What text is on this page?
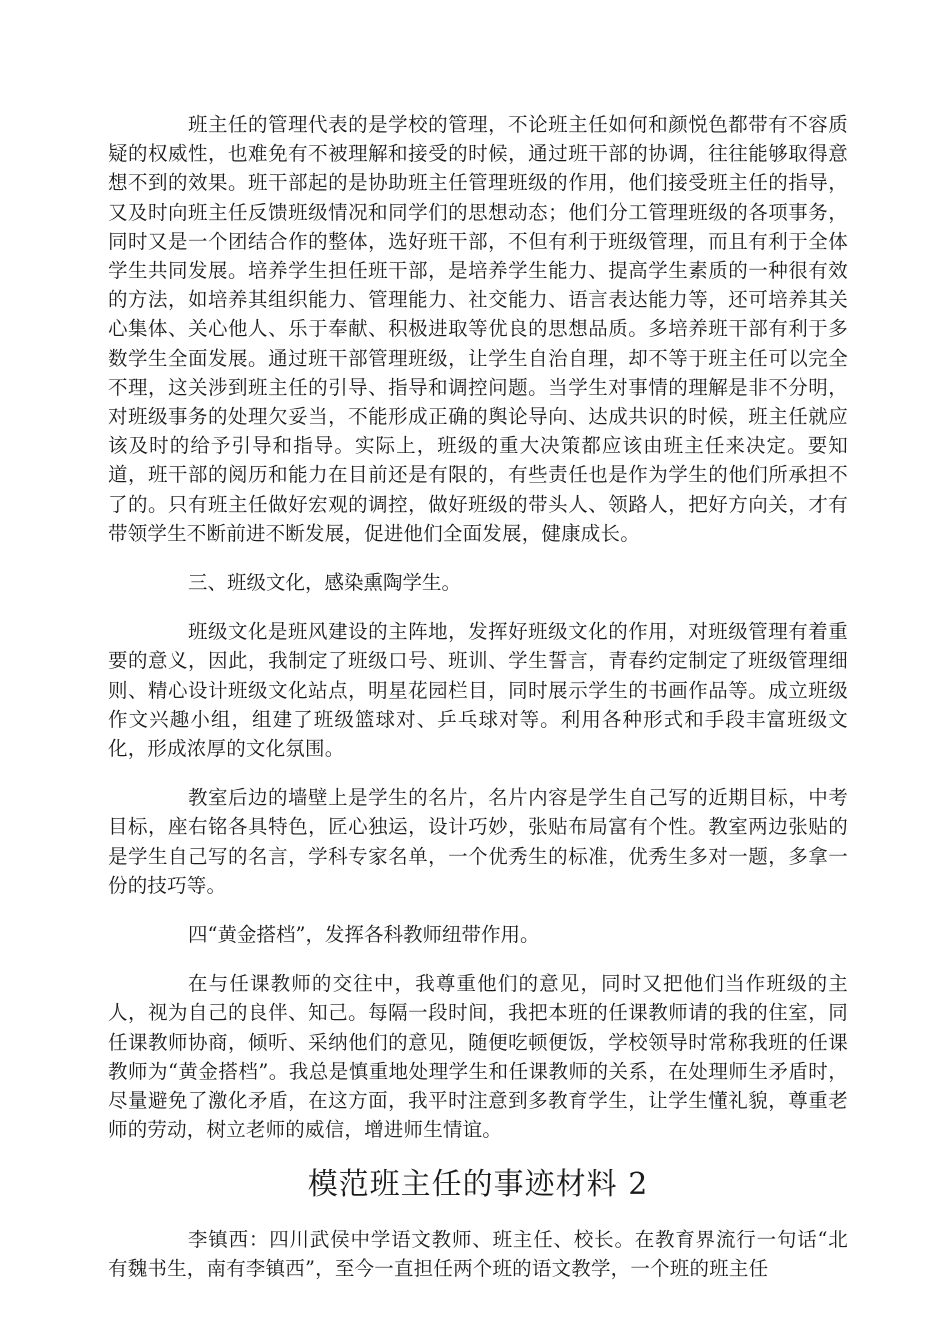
班主任的管理代表的是学校的管理，不论班主任如何和颜悦色都带有不容质疑的权威性，也难免有不被理解和接受的时候，通过班干部的协调，往往能够取得意想不到的效果。班干部起的是协助班主任管理班级的作用，他们接受班主任的指导，又及时向班主任反馈班级情况和同学们的思想动态；他们分工管理班级的各项事务，同时又是一个团结合作的整体，选好班干部，不但有利于班级管理，而且有利于全体学生共同发展。培养学生担任班干部，是培养学生能力、提高学生素质的一种很有效的方法，如培养其组织能力、管理能力、社交能力、语言表达能力等，还可培养其关心集体、关心他人、乐于奉献、积极进取等优良的思想品质。多培养班干部有利于多数学生全面发展。通过班干部管理班级，让学生自治自理，却不等于班主任可以完全不理，这关涉到班主任的引导、指导和调控问题。当学生对事情的理解是非不分明，对班级事务的处理欠妥当，不能形成正确的舆论导向、达成共识的时候，班主任就应该及时的给予引导和指导。实际上，班级的重大决策都应该由班主任来决定。要知道，班干部的阅历和能力在目前还是有限的，有些责任也是作为学生的他们所承担不了的。只有班主任做好宏观的调控，做好班级的带头人、领路人，把好方向关，才有带领学生不断前进不断发展，促进他们全面发展，健康成长。

三、班级文化，感染熏陶学生。

班级文化是班风建设的主阵地，发挥好班级文化的作用，对班级管理有着重要的意义，因此，我制定了班级口号、班训、学生誓言，青春约定制定了班级管理细则、精心设计班级文化站点，明星花园栏目，同时展示学生的书画作品等。成立班级作文兴趣小组，组建了班级篮球对、乒乓球对等。利用各种形式和手段丰富班级文化，形成浓厚的文化氛围。

教室后边的墙壁上是学生的名片，名片内容是学生自己写的近期目标，中考目标，座右铭各具特色，匠心独运，设计巧妙，张贴布局富有个性。教室两边张贴的是学生自己写的名言，学科专家名单，一个优秀生的标准，优秀生多对一题，多拿一份的技巧等。

四“黄金搭档”，发挥各科教师纽带作用。

在与任课教师的交往中，我尊重他们的意见，同时又把他们当作班级的主人，视为自己的良伴、知己。每隔一段时间，我把本班的任课教师请的我的住室，同任课教师协商，倾听、采纳他们的意见，随便吃顿便饭，学校领导时常称我班的任课教师为“黄金搭档”。我总是慎重地处理学生和任课教师的关系，在处理师生矛盾时，尽量避免了激化矛盾，在这方面，我平时注意到多教育学生，让学生懂礼貌，尊重老师的劳动，树立老师的威信，增进师生情谊。

模范班主任的事迹材料 2

李镇西：四川武侯中学语文教师、班主任、校长。在教育界流行一句话“北有魏书生，南有李镇西”，至今一直担任两个班的语文教学，一个班的班主任
